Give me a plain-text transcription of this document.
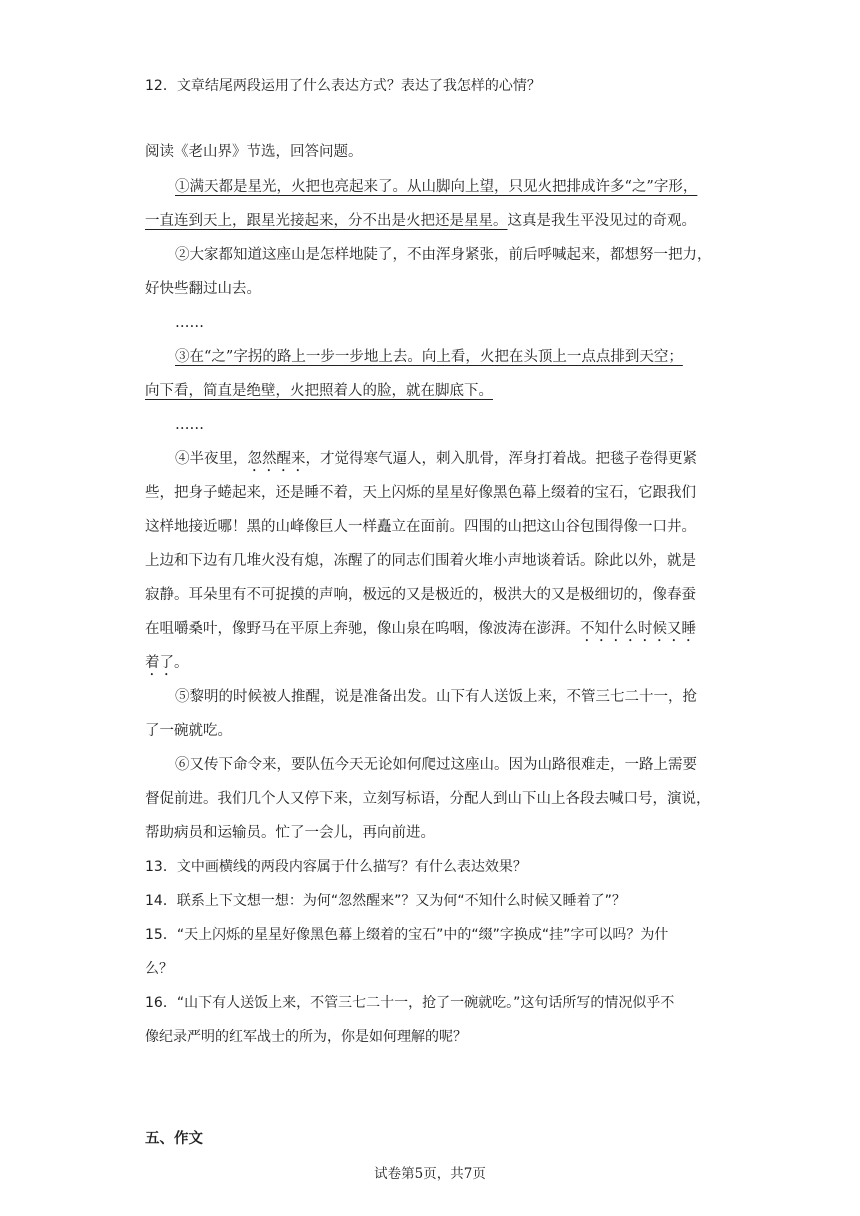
12．文章结尾两段运用了什么表达方式？表达了我怎样的心情？
阅读《老山界》节选，回答问题。
①满天都是星光，火把也亮起来了。从山脚向上望，只见火把排成许多“之”字形，
一直连到天上，跟星光接起来，分不出是火把还是星星。这真是我生平没见过的奇观。
②大家都知道这座山是怎样地陡了，不由浑身紧张，前后呼喊起来，都想努一把力，
好快些翻过山去。
……
③在“之”字拐的路上一步一步地上去。向上看，火把在头顶上一点点排到天空；
向下看，简直是绝壁，火把照着人的脸，就在脚底下。
……
④半夜里，忽然醒来，才觉得寒气逼人，刺入肌骨，浑身打着战。把毯子卷得更紧
些，把身子蜷起来，还是睡不着，天上闪烁的星星好像黑色幕上缀着的宝石，它跟我们
这样地接近哪！黑的山峰像巨人一样矗立在面前。四围的山把这山谷包围得像一口井。
上边和下边有几堆火没有熄，冻醒了的同志们围着火堆小声地谈着话。除此以外，就是
寂静。耳朵里有不可捉摸的声响，极远的又是极近的，极洪大的又是极细切的，像春蚕
在咀嚼桑叶，像野马在平原上奔驰，像山泉在呜咽，像波涛在澎湃。不知什么时候又睡
着了。
⑤黎明的时候被人推醒，说是准备出发。山下有人送饭上来，不管三七二十一，抢
了一碗就吃。
⑥又传下命令来，要队伍今天无论如何爬过这座山。因为山路很难走，一路上需要
督促前进。我们几个人又停下来，立刻写标语，分配人到山下山上各段去喊口号，演说，
帮助病员和运输员。忙了一会儿，再向前进。
13．文中画横线的两段内容属于什么描写？有什么表达效果？
14．联系上下文想一想：为何“忽然醒来”？又为何“不知什么时候又睡着了”？
15．“天上闪烁的星星好像黑色幕上缀着的宝石”中的“缀”字换成“挂”字可以吗？为什
么？
16．“山下有人送饭上来，不管三七二十一，抢了一碗就吃。”这句话所写的情况似乎不
像纪录严明的红军战士的所为，你是如何理解的呢？
五、作文
试卷第5页，共7页
